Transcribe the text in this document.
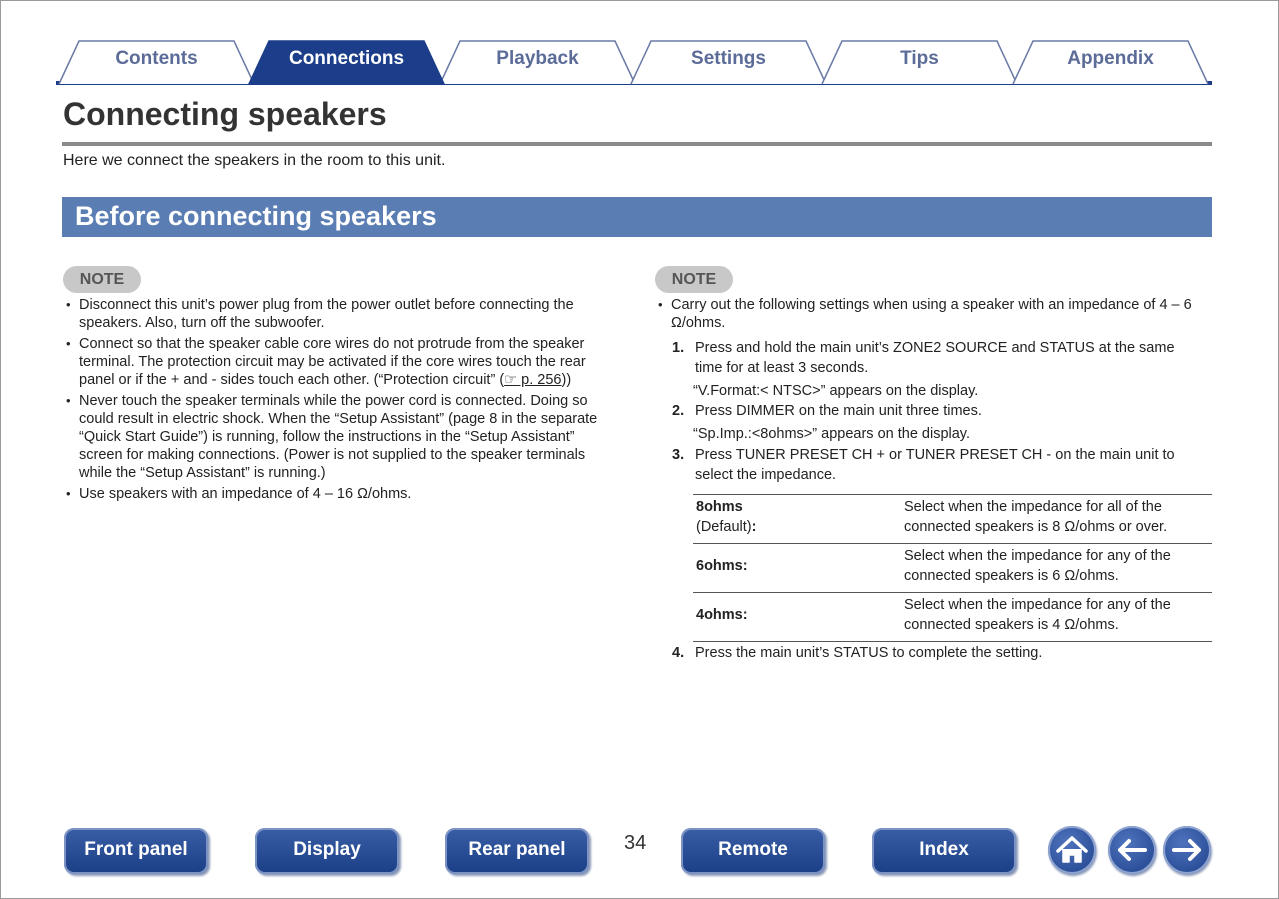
Contents	Connections	Playback	Settings	Tips	Appendix
Connecting speakers
Here we connect the speakers in the room to this unit.
Before connecting speakers
NOTE
• Disconnect this unit’s power plug from the power outlet before connecting the speakers. Also, turn off the subwoofer.
• Connect so that the speaker cable core wires do not protrude from the speaker terminal. The protection circuit may be activated if the core wires touch the rear panel or if the + and - sides touch each other. (“Protection circuit” (☞ p. 256))
• Never touch the speaker terminals while the power cord is connected. Doing so could result in electric shock. When the “Setup Assistant” (page 8 in the separate “Quick Start Guide”) is running, follow the instructions in the “Setup Assistant” screen for making connections. (Power is not supplied to the speaker terminals while the “Setup Assistant” is running.)
• Use speakers with an impedance of 4 – 16 Ω/ohms.
NOTE
• Carry out the following settings when using a speaker with an impedance of 4 – 6 Ω/ohms.
1. Press and hold the main unit’s ZONE2 SOURCE and STATUS at the same time for at least 3 seconds.
“V.Format:< NTSC>” appears on the display.
2. Press DIMMER on the main unit three times.
“Sp.Imp.:<8ohms>” appears on the display.
3. Press TUNER PRESET CH + or TUNER PRESET CH - on the main unit to select the impedance.
8ohms
(Default):	Select when the impedance for all of the connected speakers is 8 Ω/ohms or over.
6ohms:	Select when the impedance for any of the connected speakers is 6 Ω/ohms.
4ohms:	Select when the impedance for any of the connected speakers is 4 Ω/ohms.
4. Press the main unit’s STATUS to complete the setting.
Front panel	Display	Rear panel	34	Remote	Index
